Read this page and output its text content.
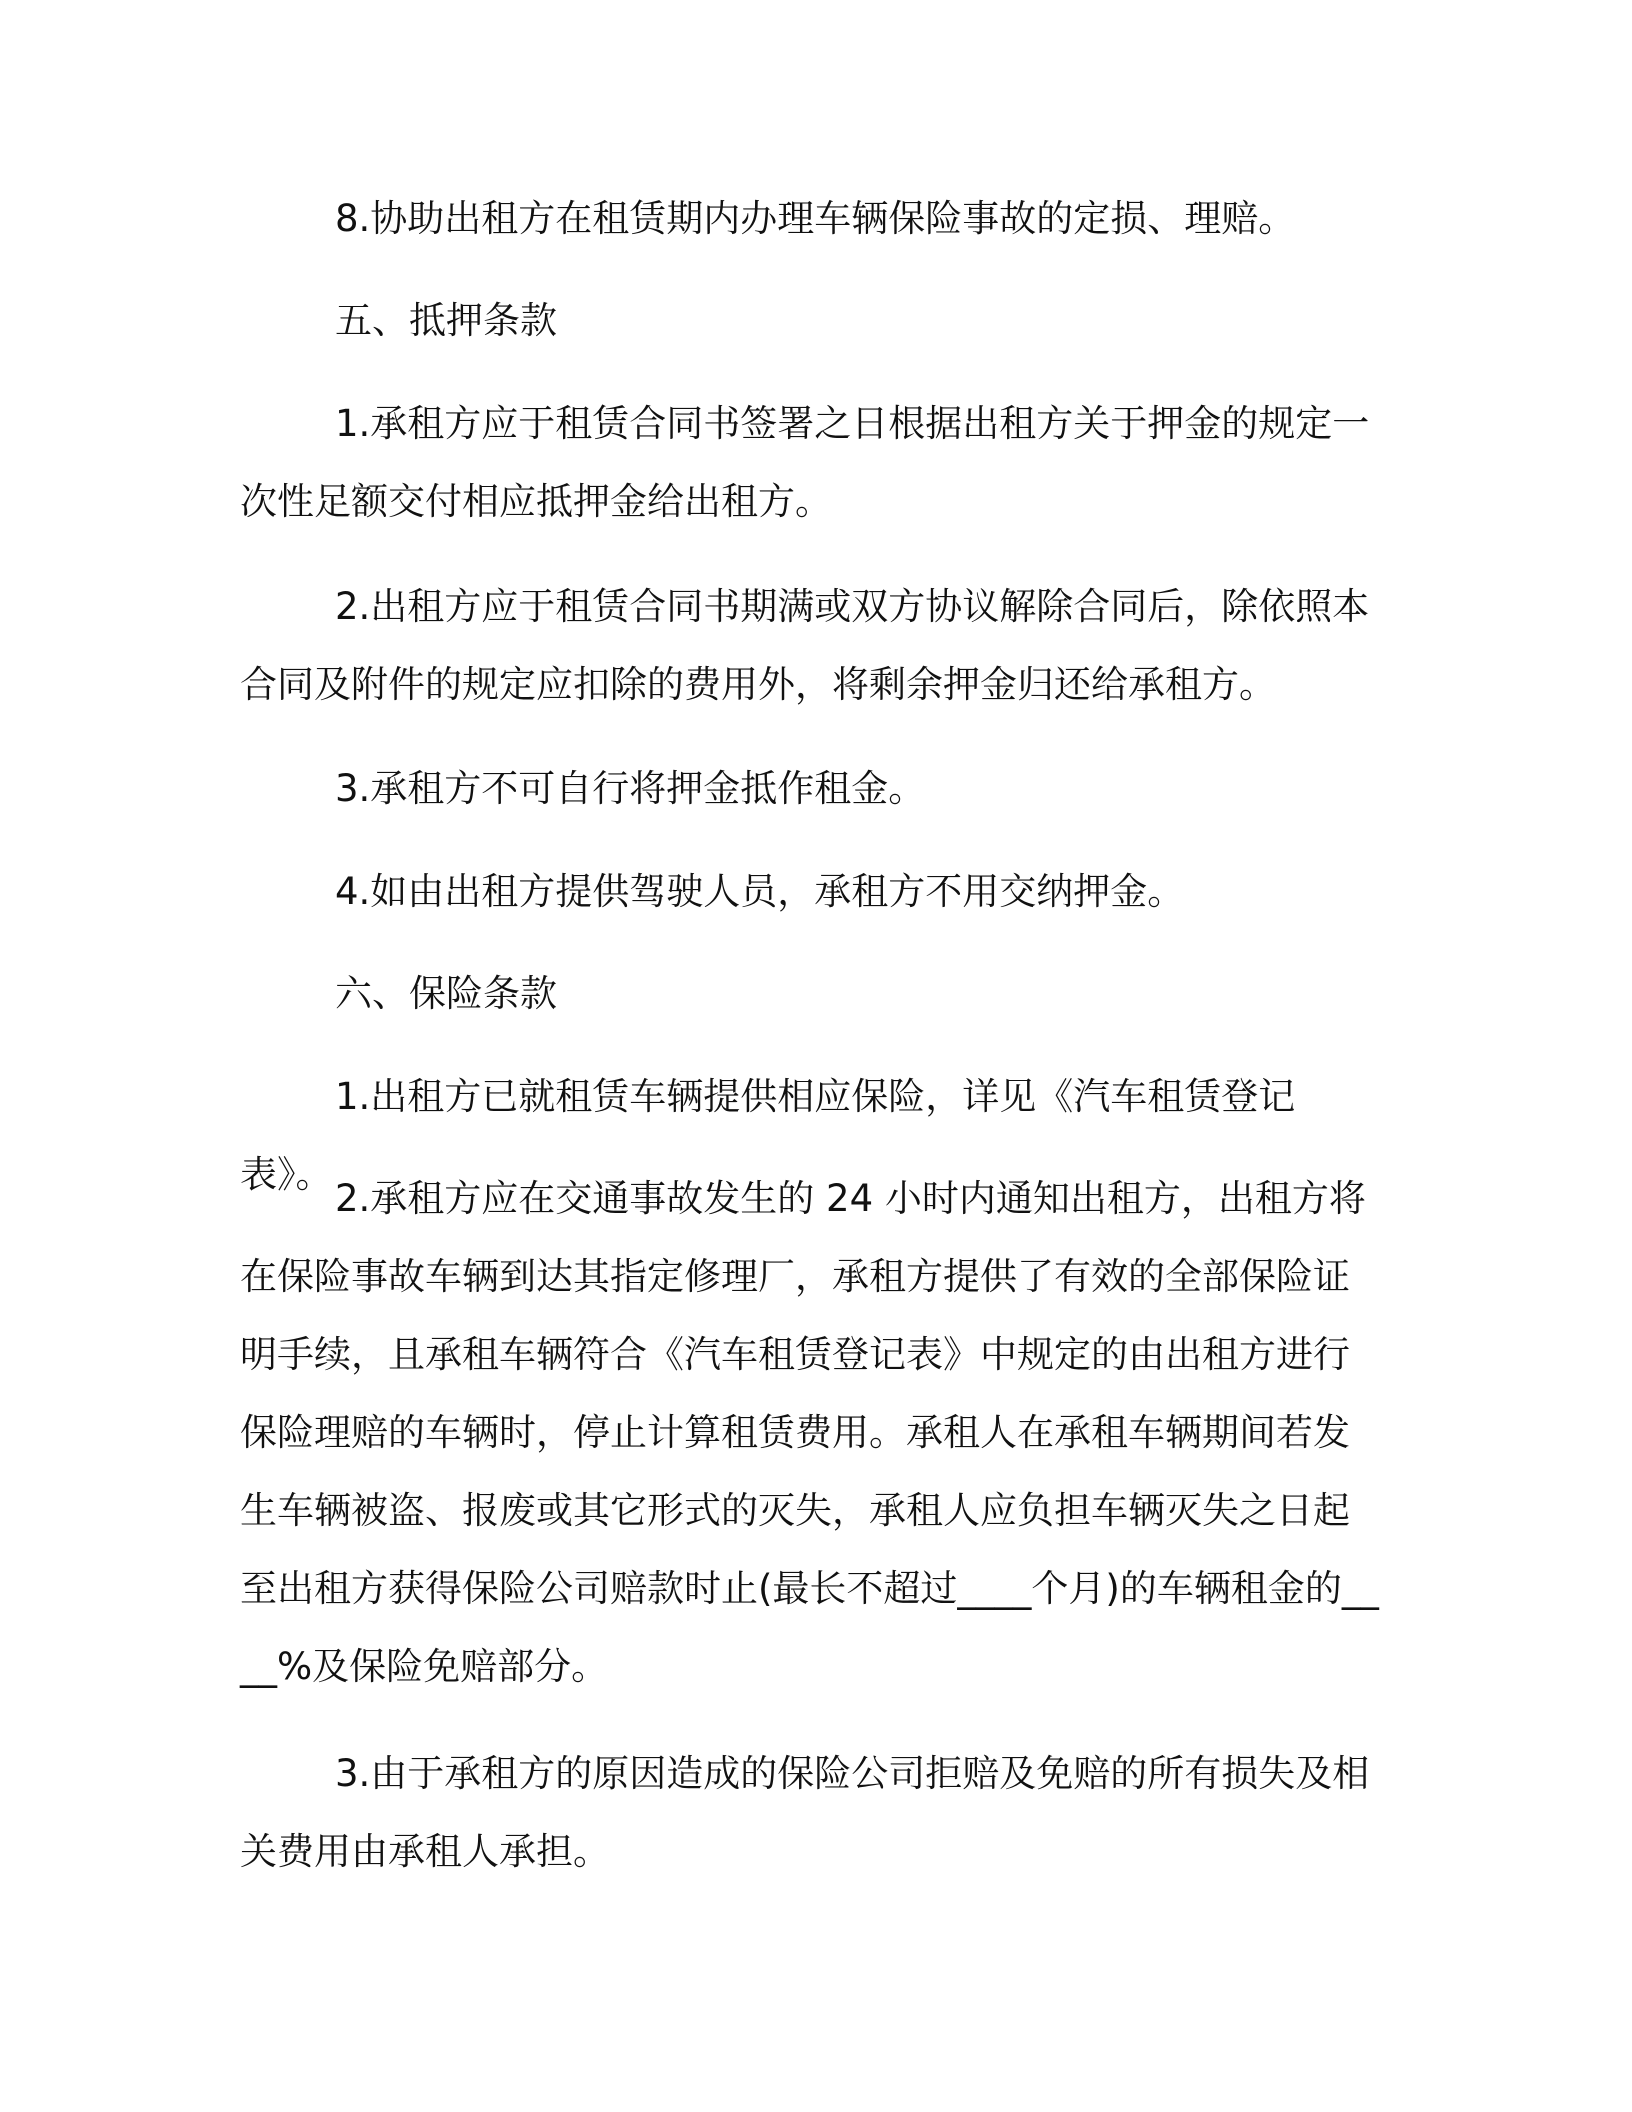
8.协助出租方在租赁期内办理车辆保险事故的定损、理赔。

五、抵押条款

1.承租方应于租赁合同书签署之日根据出租方关于押金的规定一次性足额交付相应抵押金给出租方。

2.出租方应于租赁合同书期满或双方协议解除合同后，除依照本合同及附件的规定应扣除的费用外，将剩余押金归还给承租方。

3.承租方不可自行将押金抵作租金。

4.如由出租方提供驾驶人员，承租方不用交纳押金。

六、保险条款

1.出租方已就租赁车辆提供相应保险，详见《汽车租赁登记表》。

2.承租方应在交通事故发生的 24 小时内通知出租方，出租方将在保险事故车辆到达其指定修理厂，承租方提供了有效的全部保险证明手续，且承租车辆符合《汽车租赁登记表》中规定的由出租方进行保险理赔的车辆时，停止计算租赁费用。承租人在承租车辆期间若发生车辆被盗、报废或其它形式的灭失，承租人应负担车辆灭失之日起至出租方获得保险公司赔款时止(最长不超过____个月)的车辆租金的____%及保险免赔部分。

3.由于承租方的原因造成的保险公司拒赔及免赔的所有损失及相关费用由承租人承担。
